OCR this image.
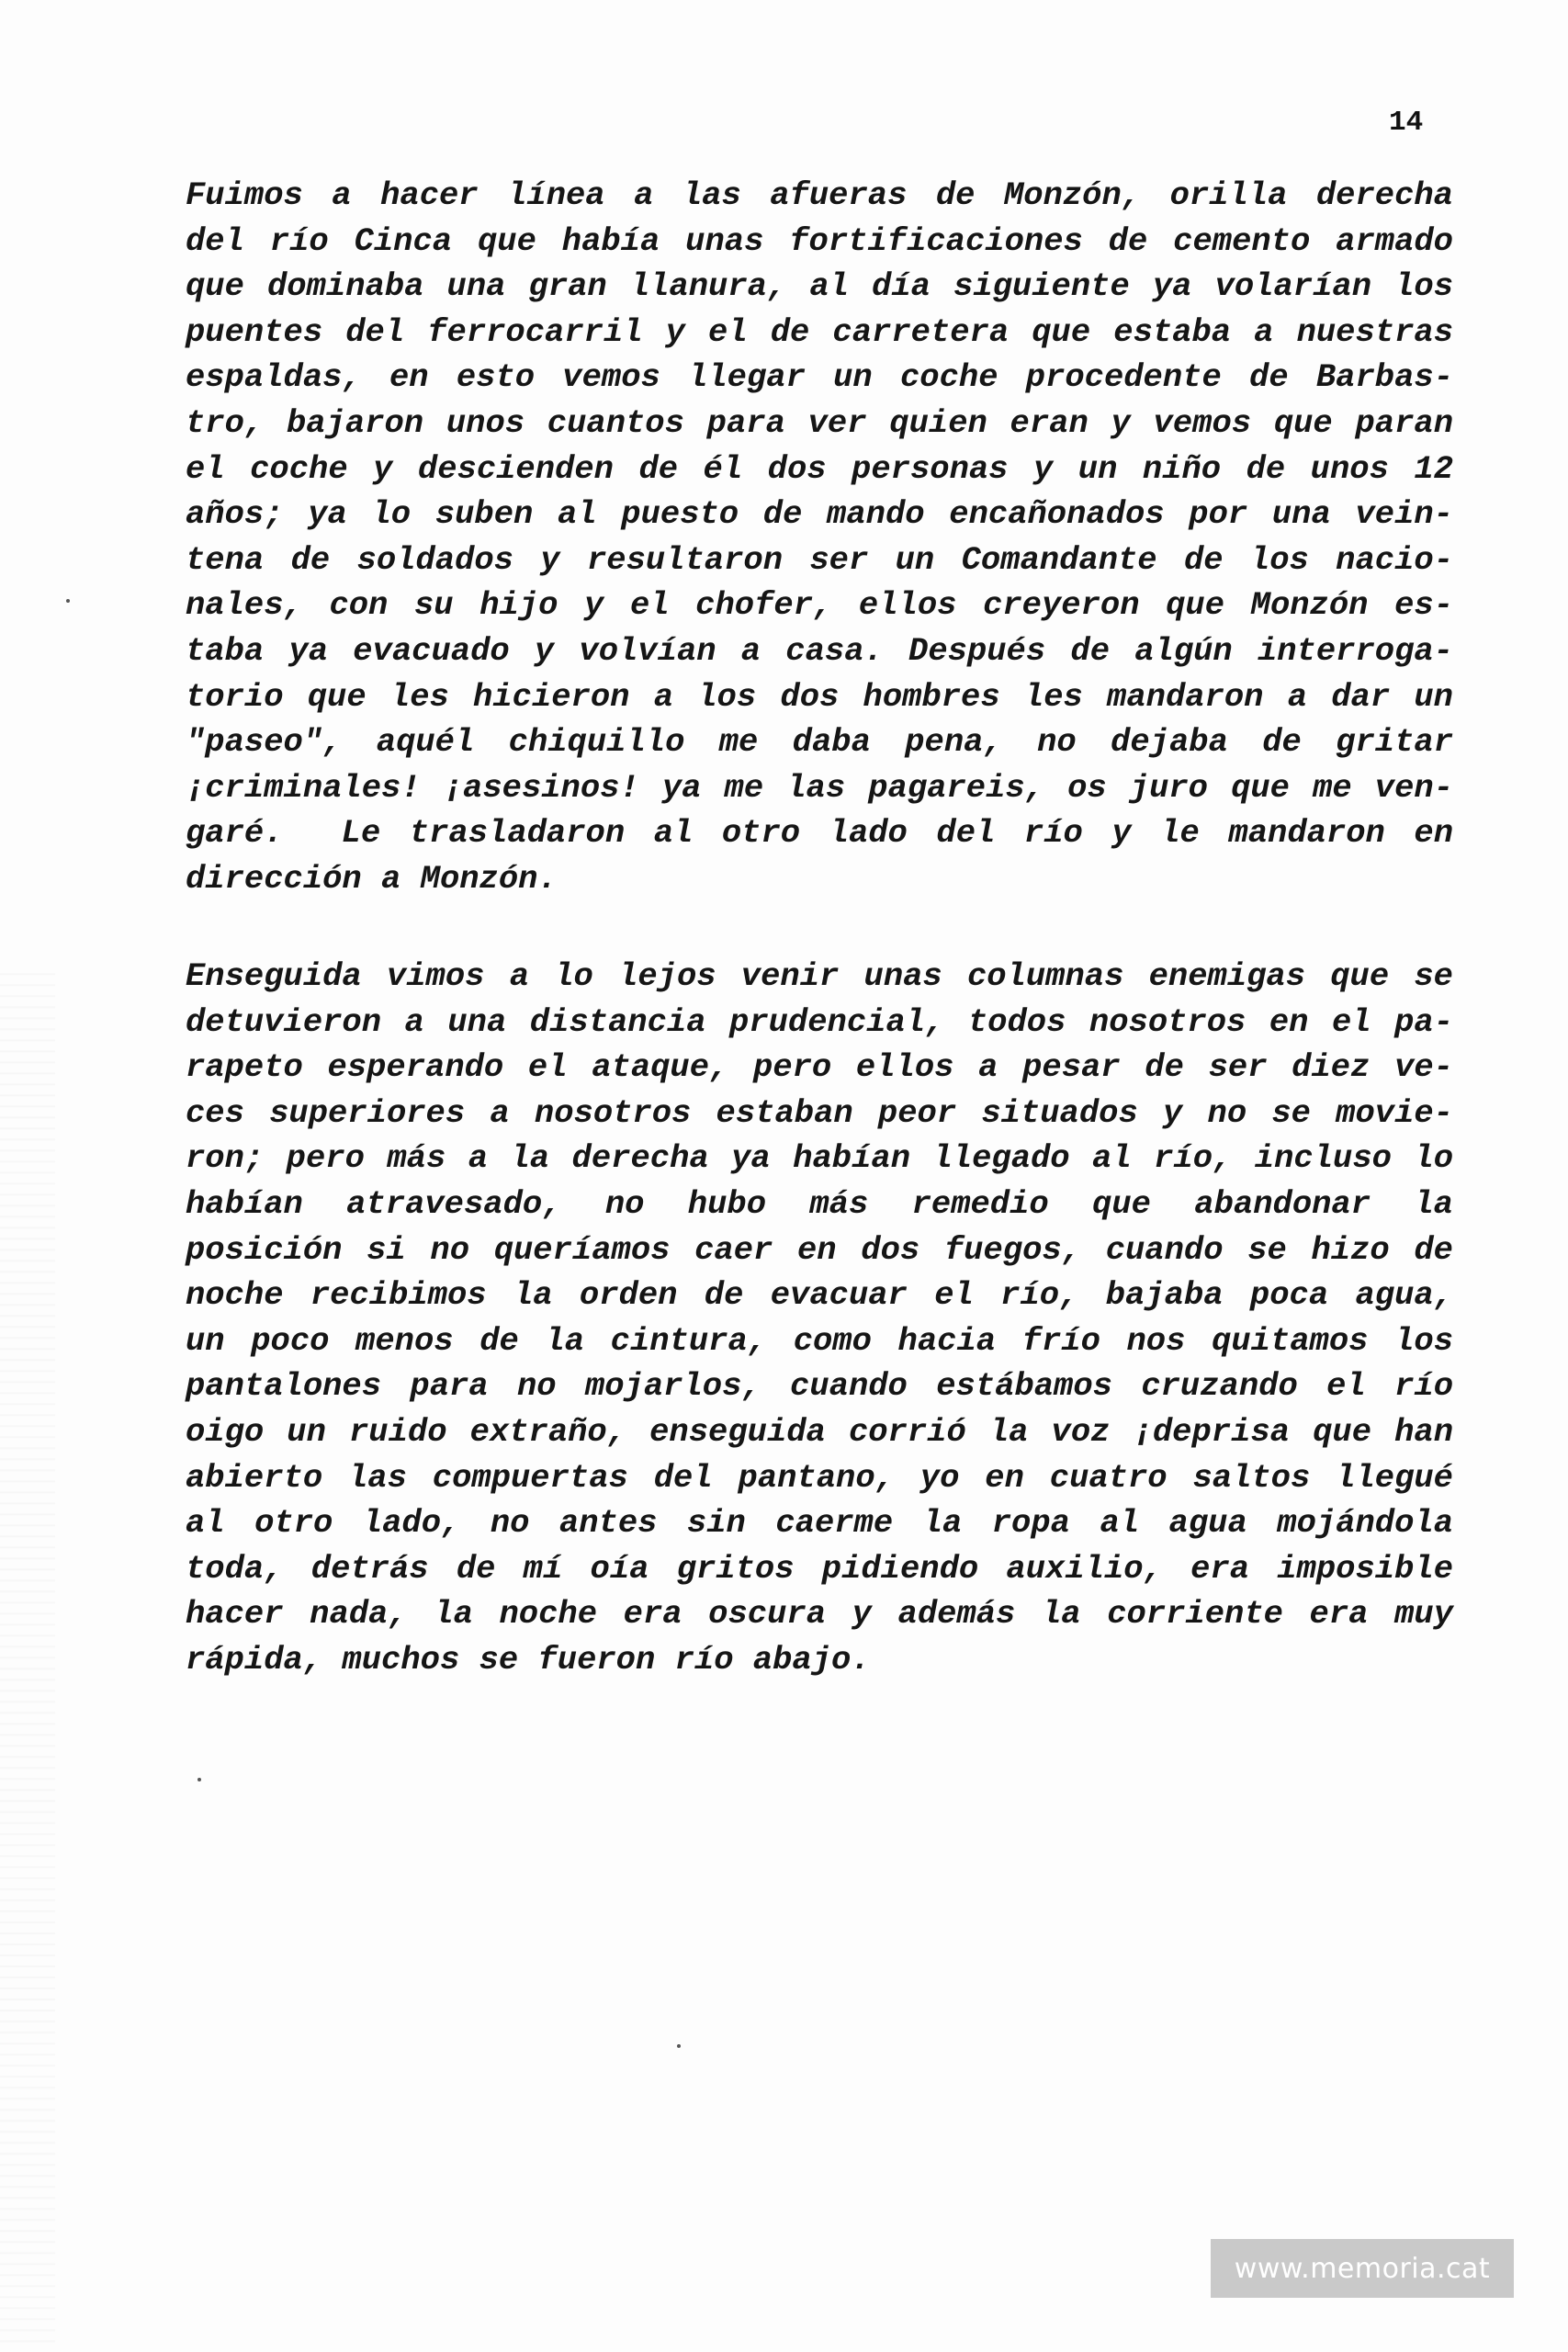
14
Fuimos a hacer línea a las afueras de Monzón, orilla derecha
del río Cinca que había unas fortificaciones de cemento armado
que dominaba una gran llanura, al día siguiente ya volarían los
puentes del ferrocarril y el de carretera que estaba a nuestras
espaldas, en esto vemos llegar un coche procedente de Barbas-
tro, bajaron unos cuantos para ver quien eran y vemos que paran
el coche y descienden de él dos personas y un niño de unos 12
años; ya lo suben al puesto de mando encañonados por una vein-
tena de soldados y resultaron ser un Comandante de los nacio-
nales, con su hijo y el chofer, ellos creyeron que Monzón es-
taba ya evacuado y volvían a casa. Después de algún interroga-
torio que les hicieron a los dos hombres les mandaron a dar un
"paseo", aquél chiquillo me daba pena, no dejaba de gritar
¡criminales! ¡asesinos! ya me las pagareis, os juro que me ven-
garé.  Le trasladaron al otro lado del río y le mandaron en
dirección a Monzón.
Enseguida vimos a lo lejos venir unas columnas enemigas que se
detuvieron a una distancia prudencial, todos nosotros en el pa-
rapeto esperando el ataque, pero ellos a pesar de ser diez ve-
ces superiores a nosotros estaban peor situados y no se movie-
ron; pero más a la derecha ya habían llegado al río, incluso lo
habían atravesado, no hubo más remedio que abandonar la
posición si no queríamos caer en dos fuegos, cuando se hizo de
noche recibimos la orden de evacuar el río, bajaba poca agua,
un poco menos de la cintura, como hacia frío nos quitamos los
pantalones para no mojarlos, cuando estábamos cruzando el río
oigo un ruido extraño, enseguida corrió la voz ¡deprisa que han
abierto las compuertas del pantano, yo en cuatro saltos llegué
al otro lado, no antes sin caerme la ropa al agua mojándola
toda, detrás de mí oía gritos pidiendo auxilio, era imposible
hacer nada, la noche era oscura y además la corriente era muy
rápida, muchos se fueron río abajo.
www.memoria.cat
